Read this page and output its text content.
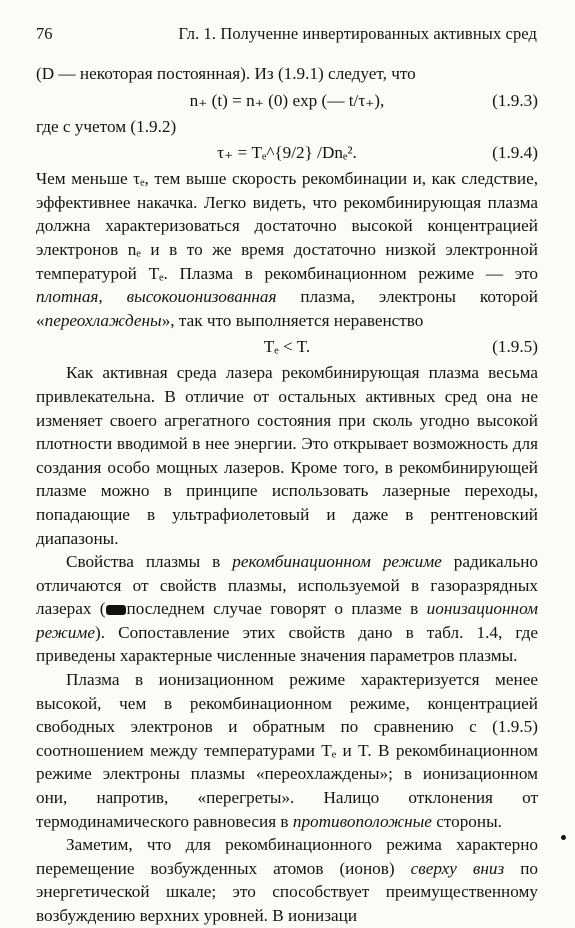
76	Гл. 1. Полученне инвертированных активных сред

(D — некоторая постоянная). Из (1.9.1) следует, что

n₊ (t) = n₊ (0) exp (— t/τ₊),	(1.9.3)

где с учетом (1.9.2)

τ₊ = Tₑ^{9/2} /Dnₑ².	(1.9.4)

Чем меньше τₑ, тем выше скорость рекомбинации и, как следствие, эффективнее накачка. Легко видеть, что рекомбинирующая плазма должна характеризоваться достаточно высокой концентрацией электронов nₑ и в то же время достаточно низкой электронной температурой Tₑ. Плазма в рекомбинационном режиме — это плотная, высокоионизованная плазма, электроны которой «переохлаждены», так что выполняется неравенство

Tₑ < T.	(1.9.5)

Как активная среда лазера рекомбинирующая плазма весьма привлекательна. В отличие от остальных активных сред она не изменяет своего агрегатного состояния при сколь угодно высокой плотности вводимой в нее энергии. Это открывает возможность для создания особо мощных лазеров. Кроме того, в рекомбинирующей плазме можно в принципе использовать лазерные переходы, попадающие в ультрафиолетовый и даже в рентгеновский диапазоны.

Свойства плазмы в рекомбинационном режиме радикально отличаются от свойств плазмы, используемой в газоразрядных лазерах ( последнем случае говорят о плазме в ионизационном режиме). Сопоставление этих свойств дано в табл. 1.4, где приведены характерные численные значения параметров плазмы.

Плазма в ионизационном режиме характеризуется менее высокой, чем в рекомбинационном режиме, концентрацией свободных электронов и обратным по сравнению с (1.9.5) соотношением между температурами Tₑ и T. В рекомбинационном режиме электроны плазмы «переохлаждены»; в ионизационном они, напротив, «перегреты». Налицо отклонения от термодинамического равновесия в противоположные стороны.

Заметим, что для рекомбинационного режима характерно перемещение возбужденных атомов (ионов) сверху вниз по энергетической шкале; это способствует преимущественному возбуждению верхних уровней. В ионизаци
